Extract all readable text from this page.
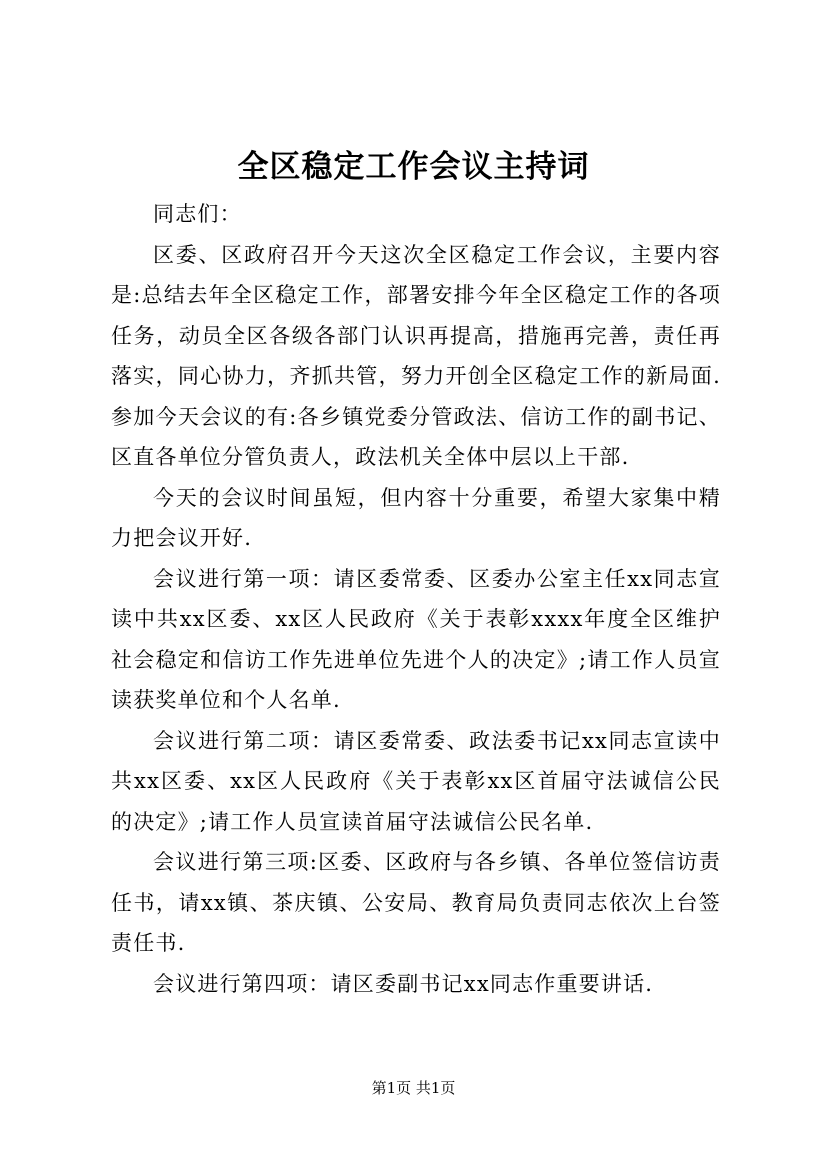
全区稳定工作会议主持词

同志们：

区委、区政府召开今天这次全区稳定工作会议，主要内容是:总结去年全区稳定工作，部署安排今年全区稳定工作的各项任务，动员全区各级各部门认识再提高，措施再完善，责任再落实，同心协力，齐抓共管，努力开创全区稳定工作的新局面.参加今天会议的有:各乡镇党委分管政法、信访工作的副书记、区直各单位分管负责人，政法机关全体中层以上干部.

今天的会议时间虽短，但内容十分重要，希望大家集中精力把会议开好.

会议进行第一项：请区委常委、区委办公室主任xx同志宣读中共xx区委、xx区人民政府《关于表彰xxxx年度全区维护社会稳定和信访工作先进单位先进个人的决定》;请工作人员宣读获奖单位和个人名单.

会议进行第二项：请区委常委、政法委书记xx同志宣读中共xx区委、xx区人民政府《关于表彰xx区首届守法诚信公民的决定》;请工作人员宣读首届守法诚信公民名单.

会议进行第三项:区委、区政府与各乡镇、各单位签信访责任书，请xx镇、茶庆镇、公安局、教育局负责同志依次上台签责任书.

会议进行第四项：请区委副书记xx同志作重要讲话.

第1页 共1页
